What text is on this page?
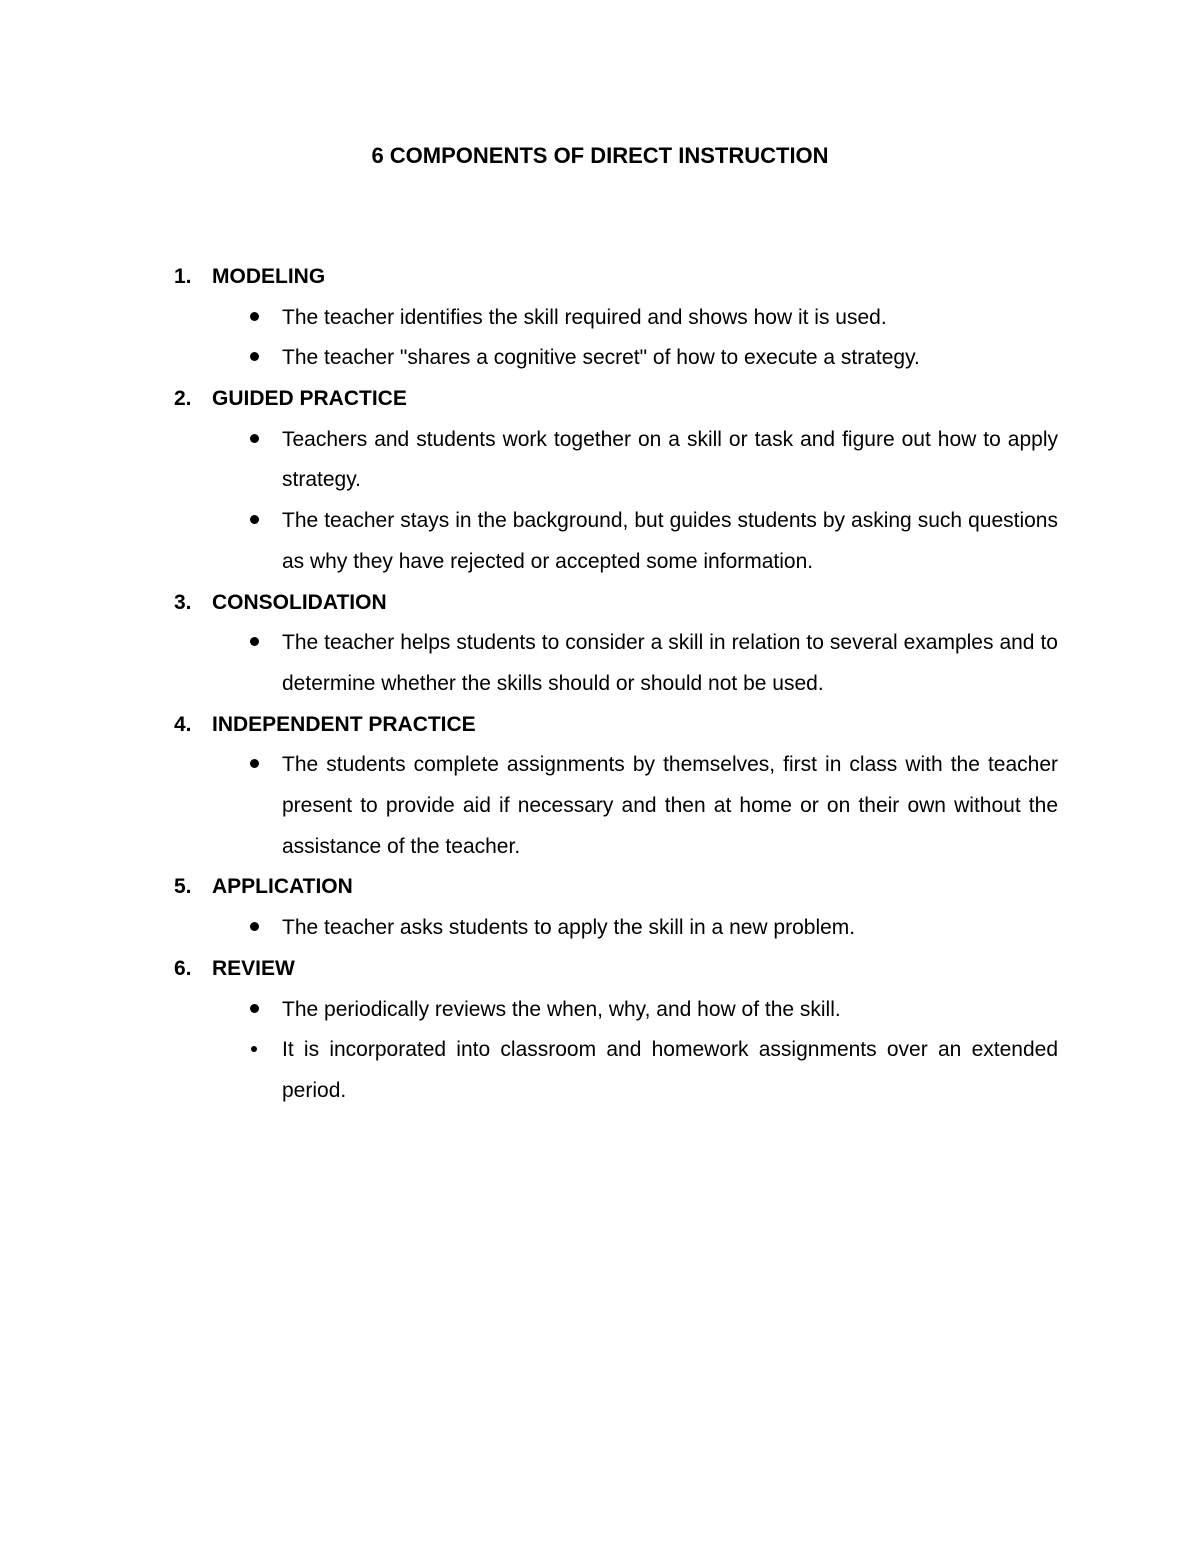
6 COMPONENTS OF DIRECT INSTRUCTION
1. MODELING
The teacher identifies the skill required and shows how it is used.
The teacher "shares a cognitive secret" of how to execute a strategy.
2. GUIDED PRACTICE
Teachers and students work together on a skill or task and figure out how to apply strategy.
The teacher stays in the background, but guides students by asking such questions as why they have rejected or accepted some information.
3. CONSOLIDATION
The teacher helps students to consider a skill in relation to several examples and to determine whether the skills should or should not be used.
4. INDEPENDENT PRACTICE
The students complete assignments by themselves, first in class with the teacher present to provide aid if necessary and then at home or on their own without the assistance of the teacher.
5. APPLICATION
The teacher asks students to apply the skill in a new problem.
6. REVIEW
The periodically reviews the when, why, and how of the skill.
It is incorporated into classroom and homework assignments over an extended period.
